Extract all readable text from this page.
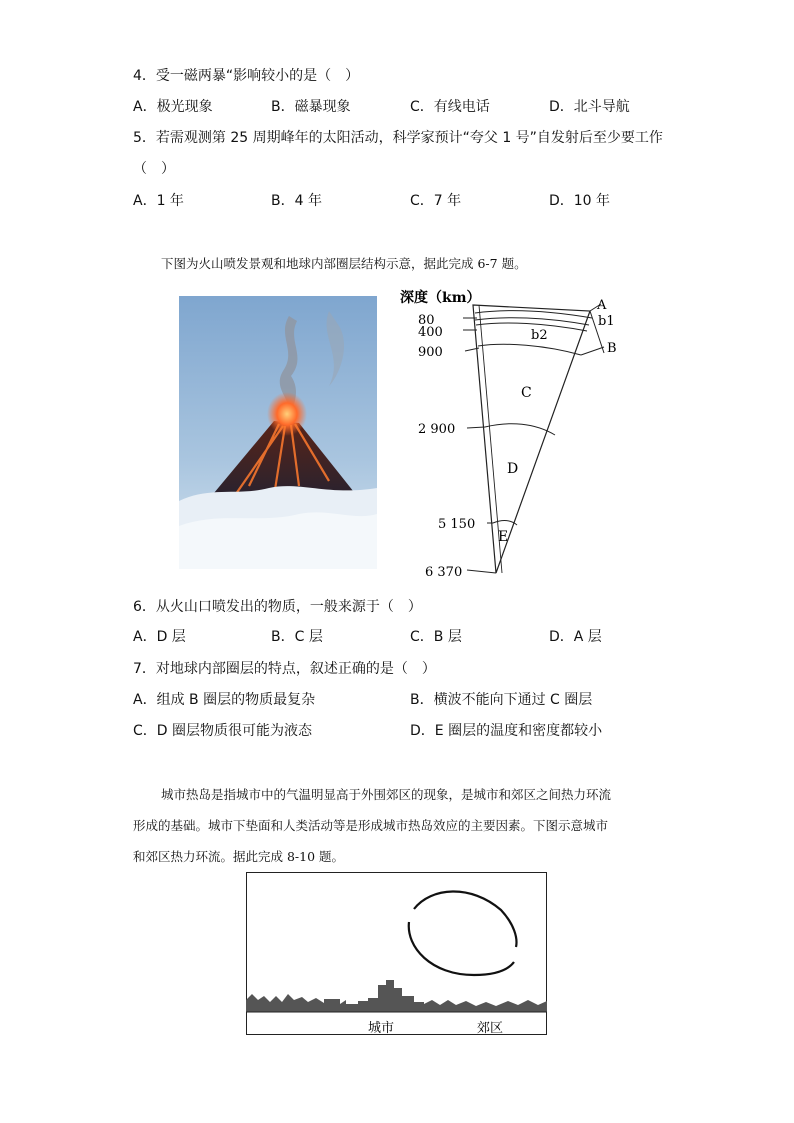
4．受一磁两暴“影响较小的是（　）
A．极光现象	B．磁暴现象	C．有线电话	D．北斗导航
5．若需观测第 25 周期峰年的太阳活动，科学家预计“夸父 1 号”自发射后至少要工作
（　）
A．1 年	B．4 年	C．7 年	D．10 年
下图为火山喷发景观和地球内部圈层结构示意，据此完成 6-7 题。
深度（km）
80
400
900
2 900
5 150
6 370
A
b1
b2
B
C
D
E
6．从火山口喷发出的物质，一般来源于（　）
A．D 层	B．C 层	C．B 层	D．A 层
7．对地球内部圈层的特点，叙述正确的是（　）
A．组成 B 圈层的物质最复杂	B．横波不能向下通过 C 圈层
C．D 圈层物质很可能为液态	D．E 圈层的温度和密度都较小
城市热岛是指城市中的气温明显高于外围郊区的现象，是城市和郊区之间热力环流
形成的基础。城市下垫面和人类活动等是形成城市热岛效应的主要因素。下图示意城市
和郊区热力环流。据此完成 8-10 题。
城市	郊区
